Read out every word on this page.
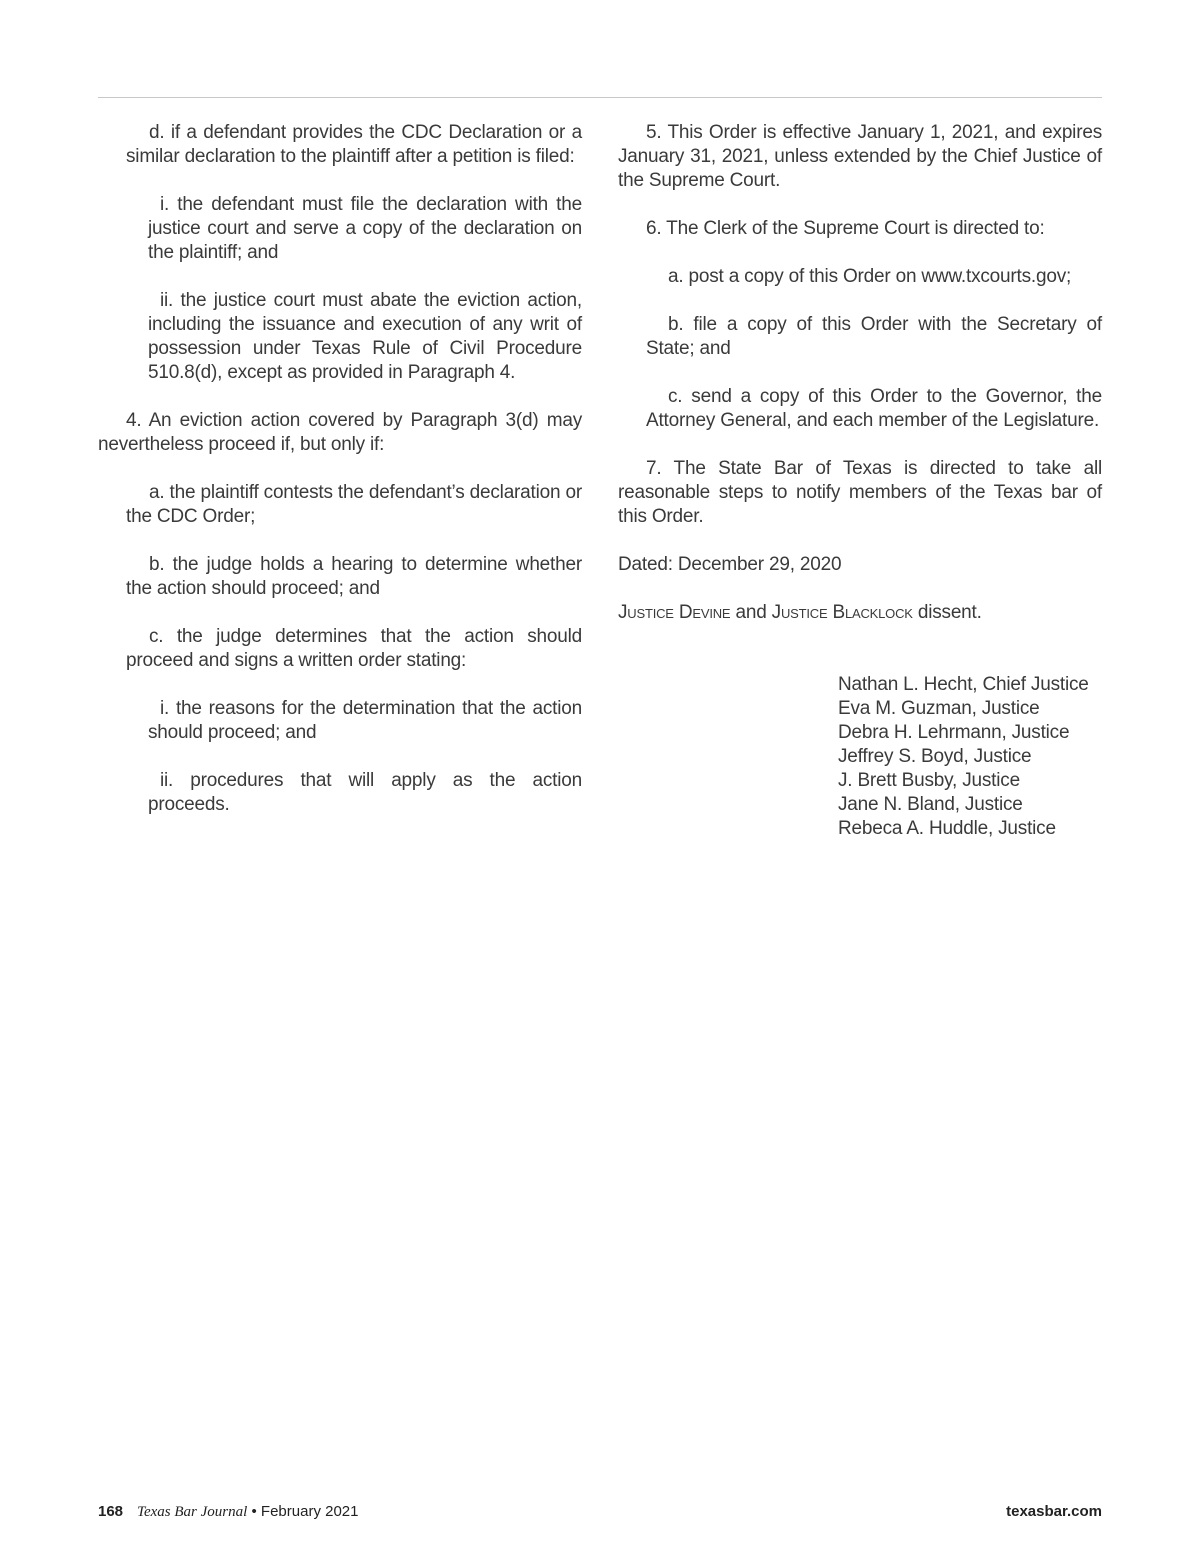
d. if a defendant provides the CDC Declaration or a similar declaration to the plaintiff after a petition is filed:

i. the defendant must file the declaration with the justice court and serve a copy of the declaration on the plaintiff; and

ii. the justice court must abate the eviction action, including the issuance and execution of any writ of possession under Texas Rule of Civil Procedure 510.8(d), except as provided in Paragraph 4.

4. An eviction action covered by Paragraph 3(d) may nevertheless proceed if, but only if:

a. the plaintiff contests the defendant’s declaration or the CDC Order;

b. the judge holds a hearing to determine whether the action should proceed; and

c. the judge determines that the action should proceed and signs a written order stating:

i. the reasons for the determination that the action should proceed; and

ii. procedures that will apply as the action proceeds.

5. This Order is effective January 1, 2021, and expires January 31, 2021, unless extended by the Chief Justice of the Supreme Court.

6. The Clerk of the Supreme Court is directed to:

a. post a copy of this Order on www.txcourts.gov;

b. file a copy of this Order with the Secretary of State; and

c. send a copy of this Order to the Governor, the Attorney General, and each member of the Legislature.

7. The State Bar of Texas is directed to take all reasonable steps to notify members of the Texas bar of this Order.

Dated: December 29, 2020

Justice Devine and Justice Blacklock dissent.

Nathan L. Hecht, Chief Justice
Eva M. Guzman, Justice
Debra H. Lehrmann, Justice
Jeffrey S. Boyd, Justice
J. Brett Busby, Justice
Jane N. Bland, Justice
Rebeca A. Huddle, Justice
168 Texas Bar Journal • February 2021	texasbar.com
